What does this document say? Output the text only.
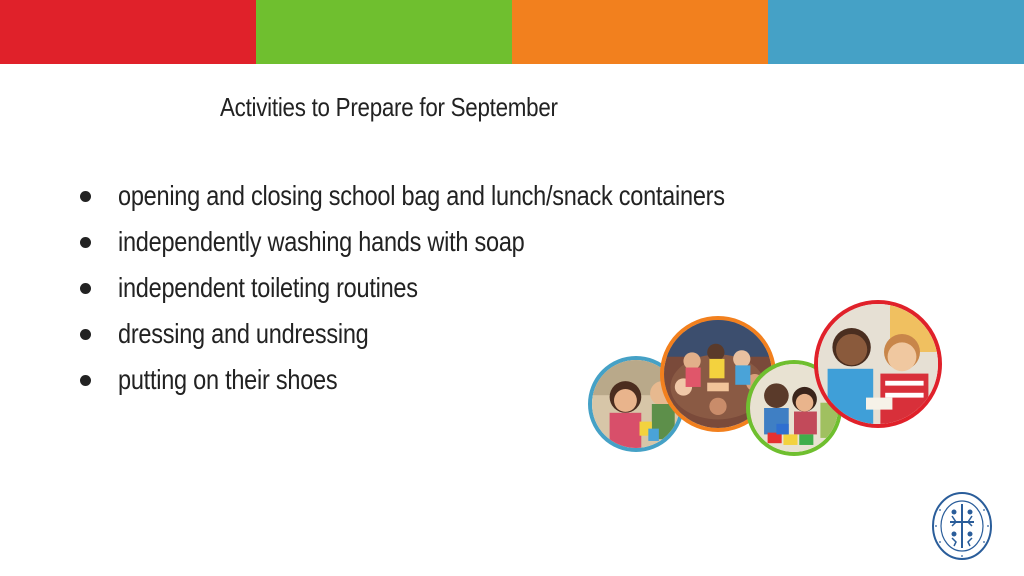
Activities to Prepare for September
opening and closing school bag and lunch/snack containers
independently washing hands with soap
independent toileting routines
dressing and undressing
putting on their shoes
